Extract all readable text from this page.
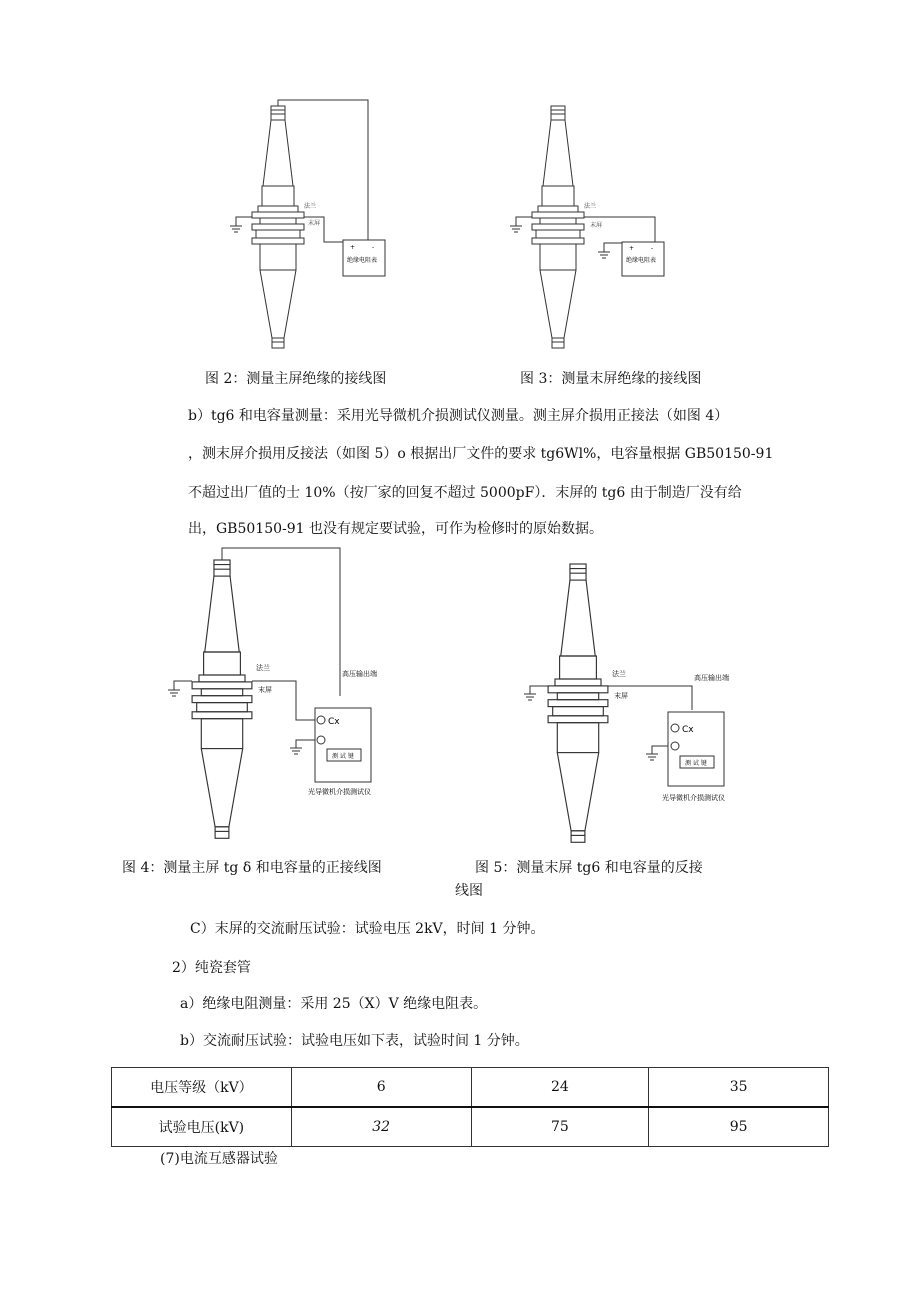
法兰
末屏
+	-
绝缘电阻表
法兰
末屏
+	-
绝缘电阻表
图 2：测量主屏绝缘的接线图	图 3：测量末屏绝缘的接线图
b）tg6 和电容量测量：采用光导微机介损测试仪测量。测主屏介损用正接法（如图 4）
，测末屏介损用反接法（如图 5）o 根据出厂文件的要求 tg6Wl%，电容量根据 GB50150-91
不超过出厂值的士 10%（按厂家的回复不超过 5000pF）．末屏的 tg6 由于制造厂没有给
出，GB50150-91 也没有规定要试验，可作为检修时的原始数据。
法兰
末屏
高压输出端
Cx
测 试 键
光导微机介损测试仪
法兰
末屏
高压输出端
Cx
测 试 键
光导微机介损测试仪
图 4：测量主屏 tg δ 和电容量的正接线图	图 5：测量末屏 tg6 和电容量的反接
线图
C）末屏的交流耐压试验：试验电压 2kV，时间 1 分钟。
2）纯瓷套管
a）绝缘电阻测量：采用 25（X）V 绝缘电阻表。
b）交流耐压试验：试验电压如下表，试验时间 1 分钟。
电压等级（kV）	6	24	35
试验电压(kV)	32	75	95
(7)电流互感器试验
